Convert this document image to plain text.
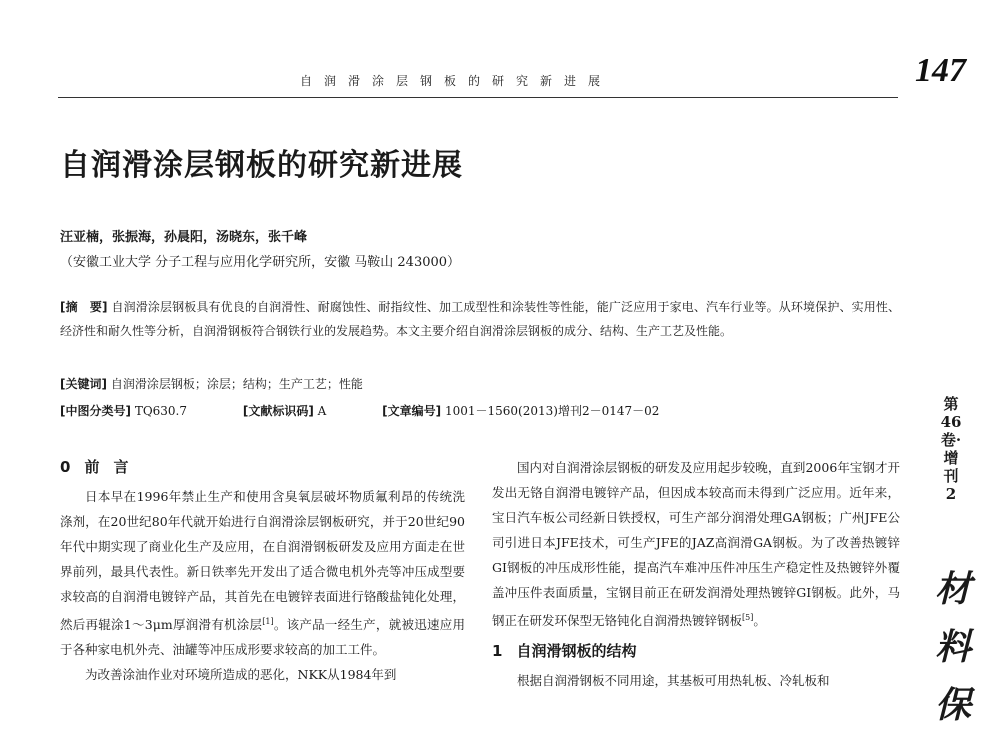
自润滑涂层钢板的研究新进展	147
自润滑涂层钢板的研究新进展
汪亚楠，张振海，孙晨阳，汤晓东，张千峰
（安徽工业大学 分子工程与应用化学研究所，安徽 马鞍山 243000）
[摘　要] 自润滑涂层钢板具有优良的自润滑性、耐腐蚀性、耐指纹性、加工成型性和涂装性等性能，能广泛应用于家电、汽车行业等。从环境保护、实用性、经济性和耐久性等分析，自润滑钢板符合钢铁行业的发展趋势。本文主要介绍自润滑涂层钢板的成分、结构、生产工艺及性能。
[关键词] 自润滑涂层钢板；涂层；结构；生产工艺；性能
[中图分类号] TQ630.7	[文献标识码] A	[文章编号] 1001－1560(2013)增刊2－0147－02
0 前言

日本早在1996年禁止生产和使用含臭氧层破坏物质氟利昂的传统洗涤剂，在20世纪80年代就开始进行自润滑涂层钢板研究，并于20世纪90年代中期实现了商业化生产及应用，在自润滑钢板研发及应用方面走在世界前列，最具代表性。新日铁率先开发出了适合微电机外壳等冲压成型要求较高的自润滑电镀锌产品，其首先在电镀锌表面进行铬酸盐钝化处理，然后再辊涂1～3μm厚润滑有机涂层[1]。该产品一经生产，就被迅速应用于各种家电机外壳、油罐等冲压成形要求较高的加工工件。

为改善涂油作业对环境所造成的恶化，NKK从1984年到

国内对自润滑涂层钢板的研发及应用起步较晚，直到2006年宝钢才开发出无铬自润滑电镀锌产品，但因成本较高而未得到广泛应用。近年来，宝日汽车板公司经新日铁授权，可生产部分润滑处理GA钢板；广州JFE公司引进日本JFE技术，可生产JFE的JAZ高润滑GA钢板。为了改善热镀锌GI钢板的冲压成形性能，提高汽车难冲压件冲压生产稳定性及热镀锌外覆盖冲压件表面质量，宝钢目前正在研发润滑处理热镀锌GI钢板。此外，马钢正在研发环保型无铬钝化自润滑热镀锌钢板[5]。

1 自润滑钢板的结构

根据自润滑钢板不同用途，其基板可用热轧板、冷轧板和

第46卷·增刊2
材料保
